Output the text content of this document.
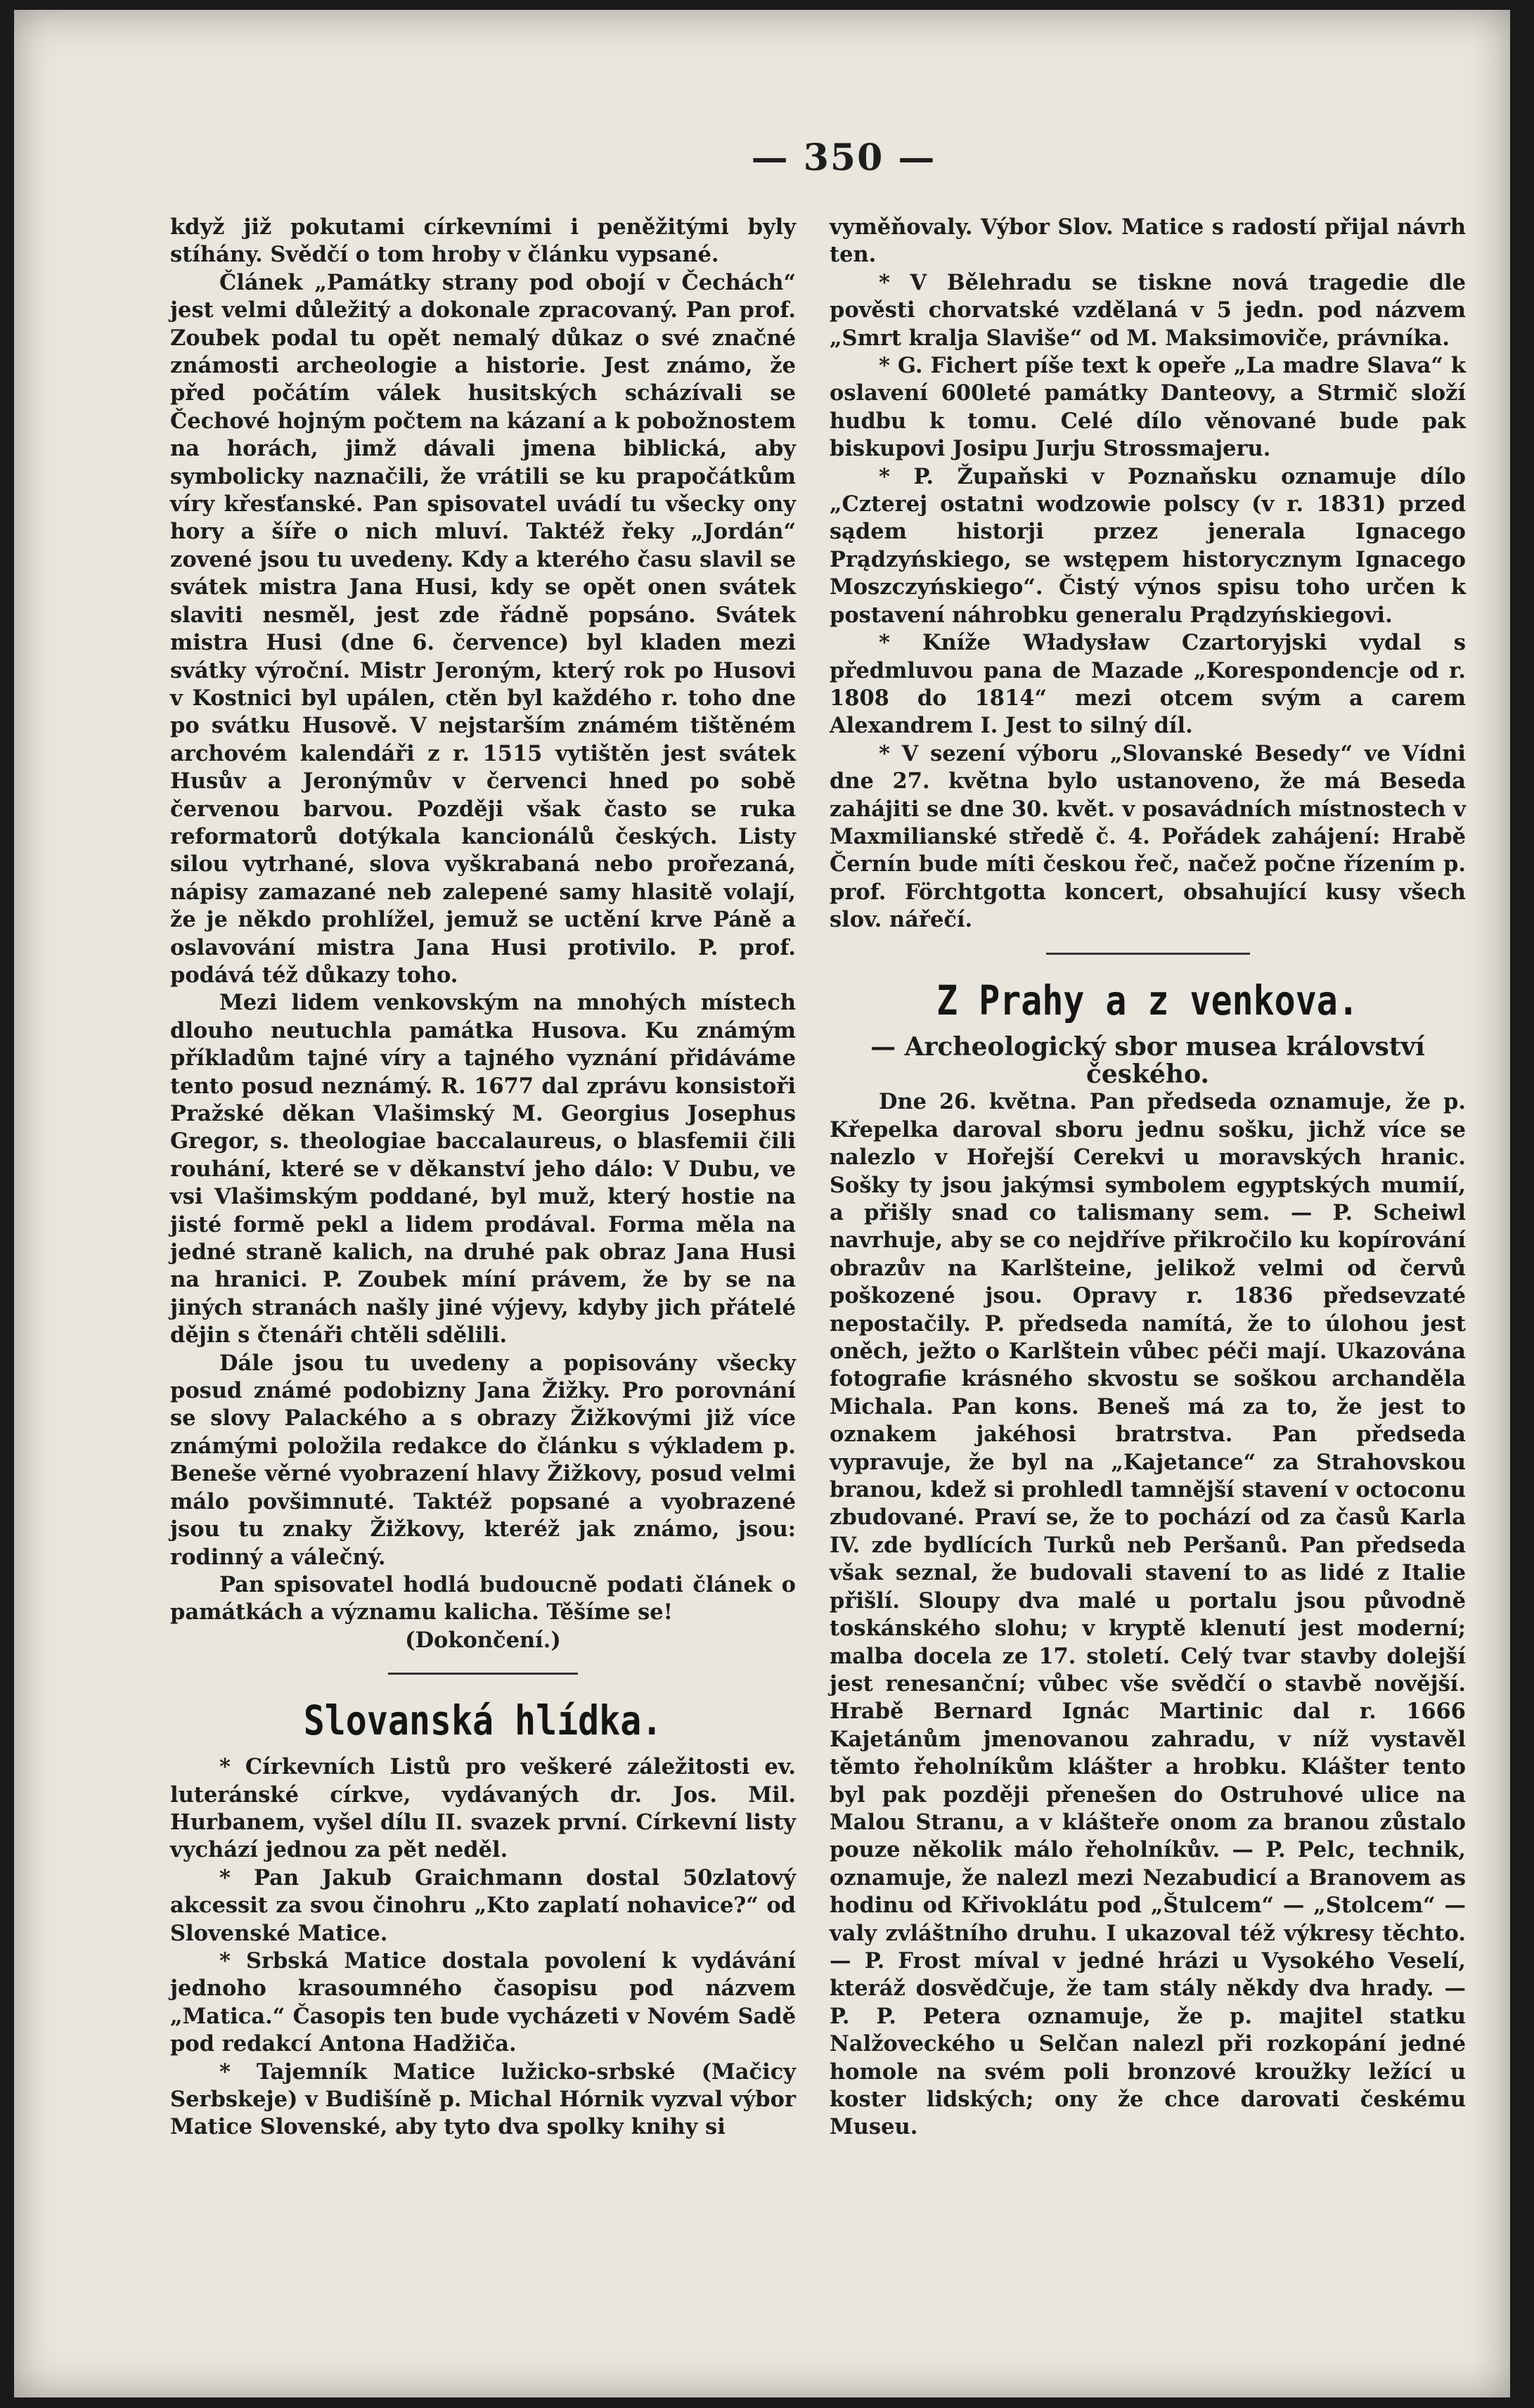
— 350 —

když již pokutami církevními i peněžitými byly stíhány. Svědčí o tom hroby v článku vypsané.

Článek „Památky strany pod obojí v Čechách“ jest velmi důležitý a dokonale zpracovaný. Pan prof. Zoubek podal tu opět nemalý důkaz o své značné známosti archeologie a historie. Jest známo, že před počátím válek husitských scházívali se Čechové hojným počtem na kázaní a k pobožnostem na horách, jimž dávali jmena biblická, aby symbolicky naznačili, že vrátili se ku prapočátkům víry křesťanské. Pan spisovatel uvádí tu všecky ony hory a šíře o nich mluví. Taktéž řeky „Jordán“ zovené jsou tu uvedeny. Kdy a kterého času slavil se svátek mistra Jana Husi, kdy se opět onen svátek slaviti nesměl, jest zde řádně popsáno. Svátek mistra Husi (dne 6. července) byl kladen mezi svátky výroční. Mistr Jeroným, který rok po Husovi v Kostnici byl upálen, ctěn byl každého r. toho dne po svátku Husově. V nejstarším známém tištěném archovém kalendáři z r. 1515 vytištěn jest svátek Husův a Jeronýmův v červenci hned po sobě červenou barvou. Později však často se ruka reformatorů dotýkala kancionálů českých. Listy silou vytrhané, slova vyškrabaná nebo prořezaná, nápisy zamazané neb zalepené samy hlasitě volají, že je někdo prohlížel, jemuž se uctění krve Páně a oslavování mistra Jana Husi protivilo. P. prof. podává též důkazy toho.

Mezi lidem venkovským na mnohých místech dlouho neutuchla památka Husova. Ku známým příkladům tajné víry a tajného vyznání přidáváme tento posud neznámý. R. 1677 dal zprávu konsistoři Pražské děkan Vlašimský M. Georgius Josephus Gregor, s. theologiae baccalaureus, o blasfemii čili rouhání, které se v děkanství jeho dálo: V Dubu, ve vsi Vlašimským poddané, byl muž, který hostie na jisté formě pekl a lidem prodával. Forma měla na jedné straně kalich, na druhé pak obraz Jana Husi na hranici. P. Zoubek míní právem, že by se na jiných stranách našly jiné výjevy, kdyby jich přátelé dějin s čtenáři chtěli sdělili.

Dále jsou tu uvedeny a popisovány všecky posud známé podobizny Jana Žižky. Pro porovnání se slovy Palackého a s obrazy Žižkovými již více známými položila redakce do článku s výkladem p. Beneše věrné vyobrazení hlavy Žižkovy, posud velmi málo povšimnuté. Taktéž popsané a vyobrazené jsou tu znaky Žižkovy, kteréž jak známo, jsou: rodinný a válečný.

Pan spisovatel hodlá budoucně podati článek o památkách a významu kalicha. Těšíme se!

(Dokončení.)

Slovanská hlídka.

* Církevních Listů pro veškeré záležitosti ev. luteránské církve, vydávaných dr. Jos. Mil. Hurbanem, vyšel dílu II. svazek první. Církevní listy vychází jednou za pět neděl.

* Pan Jakub Graichmann dostal 50zlatový akcessit za svou činohru „Kto zaplatí nohavice?“ od Slovenské Matice.

* Srbská Matice dostala povolení k vydávání jednoho krasoumného časopisu pod názvem „Matica.“ Časopis ten bude vycházeti v Novém Sadě pod redakcí Antona Hadžiča.

* Tajemník Matice lužicko-srbské (Mačicy Serbskeje) v Budišíně p. Michal Hórnik vyzval výbor Matice Slovenské, aby tyto dva spolky knihy si

vyměňovaly. Výbor Slov. Matice s radostí přijal návrh ten.

* V Bělehradu se tiskne nová tragedie dle pověsti chorvatské vzdělaná v 5 jedn. pod názvem „Smrt kralja Slaviše“ od M. Maksimoviče, právníka.

* G. Fichert píše text k opeře „La madre Slava“ k oslavení 600leté památky Danteovy, a Strmič složí hudbu k tomu. Celé dílo věnované bude pak biskupovi Josipu Jurju Strossmajeru.

* P. Župaňski v Poznaňsku oznamuje dílo „Czterej ostatni wodzowie polscy (v r. 1831) przed sądem historji przez jenerala Ignacego Prądzyńskiego, se wstępem historycznym Ignacego Moszczyńskiego“. Čistý výnos spisu toho určen k postavení náhrobku generalu Prądzyńskiegovi.

* Kníže Władysław Czartoryjski vydal s předmluvou pana de Mazade „Korespondencje od r. 1808 do 1814“ mezi otcem svým a carem Alexandrem I. Jest to silný díl.

* V sezení výboru „Slovanské Besedy“ ve Vídni dne 27. května bylo ustanoveno, že má Beseda zahájiti se dne 30. květ. v posavádních místnostech v Maxmilianské středě č. 4. Pořádek zahájení: Hrabě Černín bude míti českou řeč, načež počne řízením p. prof. Förchtgotta koncert, obsahující kusy všech slov. nářečí.

Z Prahy a z venkova.

— Archeologický sbor musea království českého.

Dne 26. května. Pan předseda oznamuje, že p. Křepelka daroval sboru jednu sošku, jichž více se nalezlo v Hořejší Cerekvi u moravských hranic. Sošky ty jsou jakýmsi symbolem egyptských mumií, a přišly snad co talismany sem. — P. Scheiwl navrhuje, aby se co nejdříve přikročilo ku kopírování obrazův na Karlšteine, jelikož velmi od červů poškozené jsou. Opravy r. 1836 předsevzaté nepostačily. P. předseda namítá, že to úlohou jest oněch, ježto o Karlštein vůbec péči mají. Ukazována fotografie krásného skvostu se soškou archanděla Michala. Pan kons. Beneš má za to, že jest to oznakem jakéhosi bratrstva. Pan předseda vypravuje, že byl na „Kajetance“ za Strahovskou branou, kdež si prohledl tamnější stavení v octoconu zbudované. Praví se, že to pochází od za časů Karla IV. zde bydlících Turků neb Peršanů. Pan předseda však seznal, že budovali stavení to as lidé z Italie přišlí. Sloupy dva malé u portalu jsou původně toskánského slohu; v kryptě klenutí jest moderní; malba docela ze 17. století. Celý tvar stavby dolejší jest renesanční; vůbec vše svědčí o stavbě novější. Hrabě Bernard Ignác Martinic dal r. 1666 Kajetánům jmenovanou zahradu, v níž vystavěl těmto řeholníkům klášter a hrobku. Klášter tento byl pak později přenešen do Ostruhové ulice na Malou Stranu, a v klášteře onom za branou zůstalo pouze několik málo řeholníkův. — P. Pelc, technik, oznamuje, že nalezl mezi Nezabudicí a Branovem as hodinu od Křivoklátu pod „Štulcem“ — „Stolcem“ — valy zvláštního druhu. I ukazoval též výkresy těchto. — P. Frost míval v jedné hrázi u Vysokého Veselí, kteráž dosvědčuje, že tam stály někdy dva hrady. — P. P. Petera oznamuje, že p. majitel statku Nalžoveckého u Selčan nalezl při rozkopání jedné homole na svém poli bronzové kroužky ležící u koster lidských; ony že chce darovati českému Museu.
